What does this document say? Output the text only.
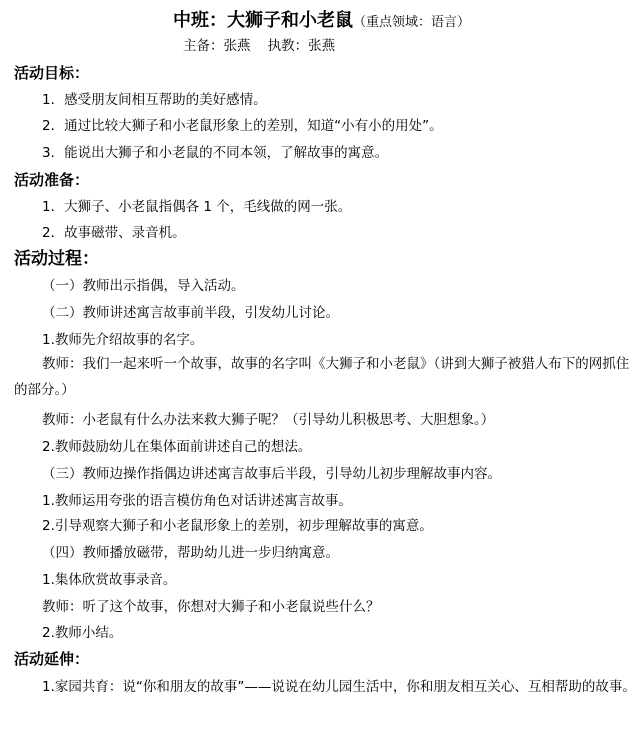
中班：大狮子和小老鼠（重点领域：语言）
主备：张燕    执教：张燕
活动目标：
1．感受朋友间相互帮助的美好感情。
2．通过比较大狮子和小老鼠形象上的差别，知道“小有小的用处”。
3．能说出大狮子和小老鼠的不同本领，了解故事的寓意。
活动准备：
1．大狮子、小老鼠指偶各 1 个，毛线做的网一张。
2．故事磁带、录音机。
活动过程：
（一）教师出示指偶，导入活动。
（二）教师讲述寓言故事前半段，引发幼儿讨论。
1.教师先介绍故事的名字。
教师：我们一起来听一个故事，故事的名字叫《大狮子和小老鼠》（讲到大狮子被猎人布下的网抓住的部分。）
教师：小老鼠有什么办法来救大狮子呢？（引导幼儿积极思考、大胆想象。）
2.教师鼓励幼儿在集体面前讲述自己的想法。
（三）教师边操作指偶边讲述寓言故事后半段，引导幼儿初步理解故事内容。
1.教师运用夸张的语言模仿角色对话讲述寓言故事。
2.引导观察大狮子和小老鼠形象上的差别，初步理解故事的寓意。
（四）教师播放磁带，帮助幼儿进一步归纳寓意。
1.集体欣赏故事录音。
教师：听了这个故事，你想对大狮子和小老鼠说些什么？
2.教师小结。
活动延伸：
1.家园共育：说“你和朋友的故事”——说说在幼儿园生活中，你和朋友相互关心、互相帮助的故事。
